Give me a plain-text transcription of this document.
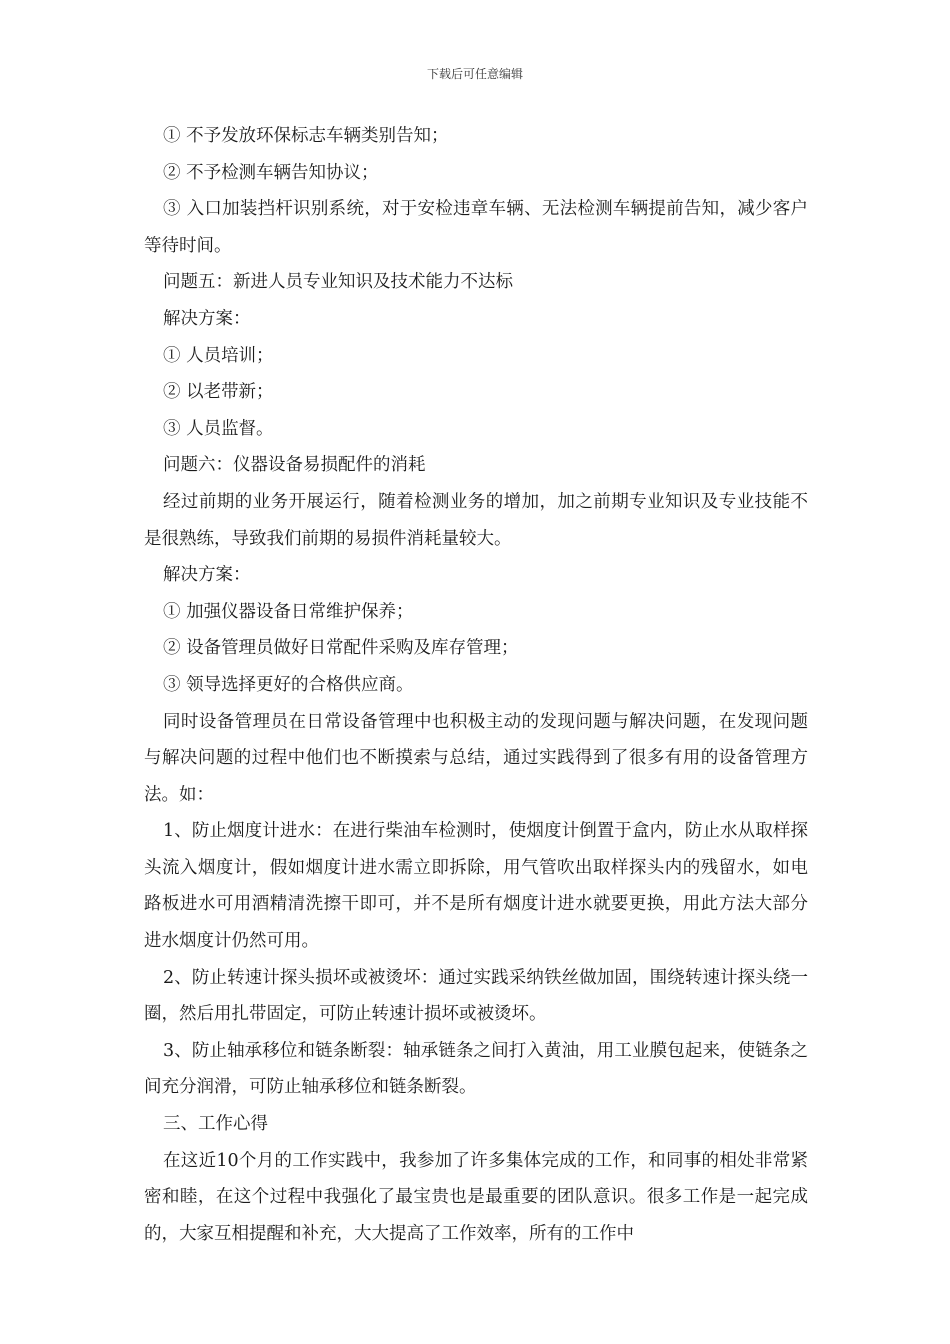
下载后可任意编辑

① 不予发放环保标志车辆类别告知；

② 不予检测车辆告知协议；

③ 入口加装挡杆识别系统，对于安检违章车辆、无法检测车辆提前告知，减少客户等待时间。

问题五：新进人员专业知识及技术能力不达标

解决方案：

① 人员培训；

② 以老带新；

③ 人员监督。

问题六：仪器设备易损配件的消耗

经过前期的业务开展运行，随着检测业务的增加，加之前期专业知识及专业技能不是很熟练，导致我们前期的易损件消耗量较大。

解决方案：

① 加强仪器设备日常维护保养；

② 设备管理员做好日常配件采购及库存管理；

③ 领导选择更好的合格供应商。

同时设备管理员在日常设备管理中也积极主动的发现问题与解决问题，在发现问题与解决问题的过程中他们也不断摸索与总结，通过实践得到了很多有用的设备管理方法。如：

1、防止烟度计进水：在进行柴油车检测时，使烟度计倒置于盒内，防止水从取样探头流入烟度计，假如烟度计进水需立即拆除，用气管吹出取样探头内的残留水，如电路板进水可用酒精清洗擦干即可，并不是所有烟度计进水就要更换，用此方法大部分进水烟度计仍然可用。

2、防止转速计探头损坏或被烫坏：通过实践采纳铁丝做加固，围绕转速计探头绕一圈，然后用扎带固定，可防止转速计损坏或被烫坏。

3、防止轴承移位和链条断裂：轴承链条之间打入黄油，用工业膜包起来，使链条之间充分润滑，可防止轴承移位和链条断裂。

三、工作心得

在这近10个月的工作实践中，我参加了许多集体完成的工作，和同事的相处非常紧密和睦，在这个过程中我强化了最宝贵也是最重要的团队意识。很多工作是一起完成的，大家互相提醒和补充，大大提高了工作效率，所有的工作中
